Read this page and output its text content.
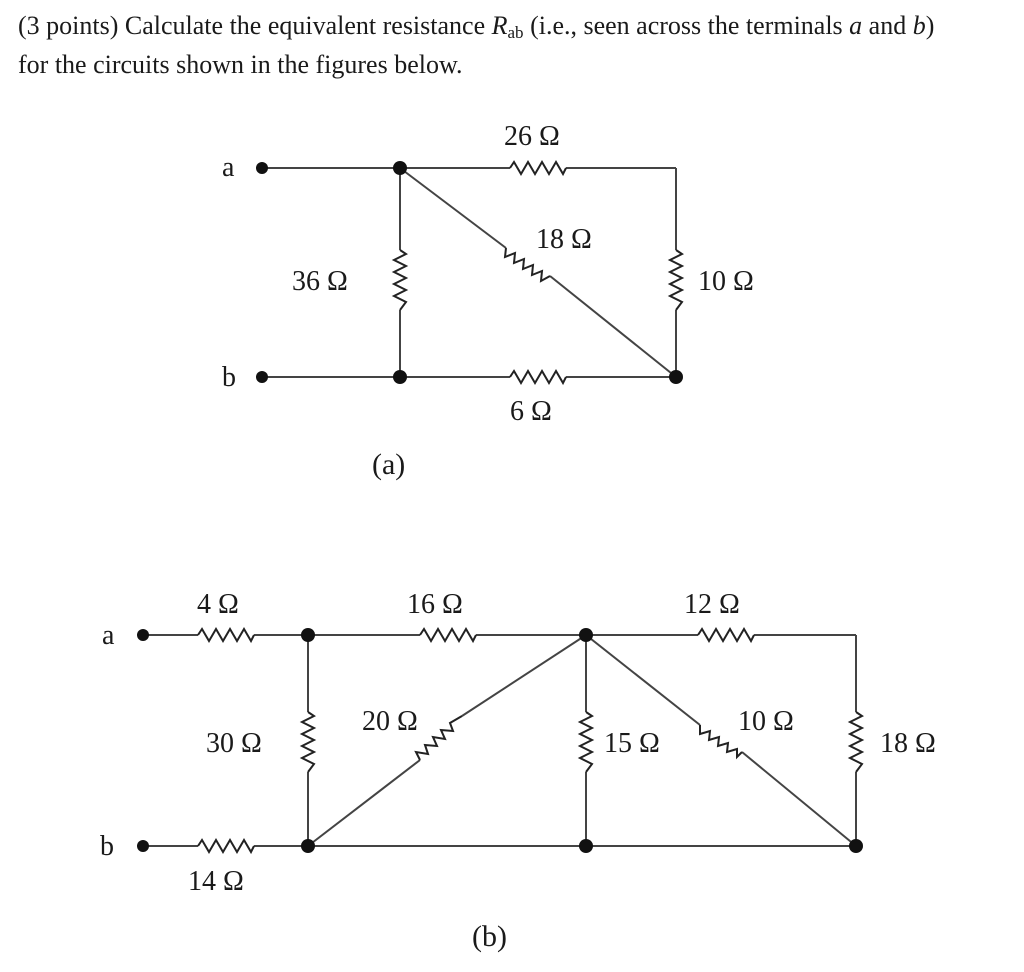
(3 points) Calculate the equivalent resistance $R_{ab}$ (i.e., seen across the terminals a and b)
for the circuits shown in the figures below.
a
b
26 Ω
18 Ω
36 Ω	10 Ω
6 Ω
(a)
a
b
4 Ω	16 Ω	12 Ω
30 Ω
20 Ω
15 Ω
10 Ω
18 Ω
14 Ω
(b)
